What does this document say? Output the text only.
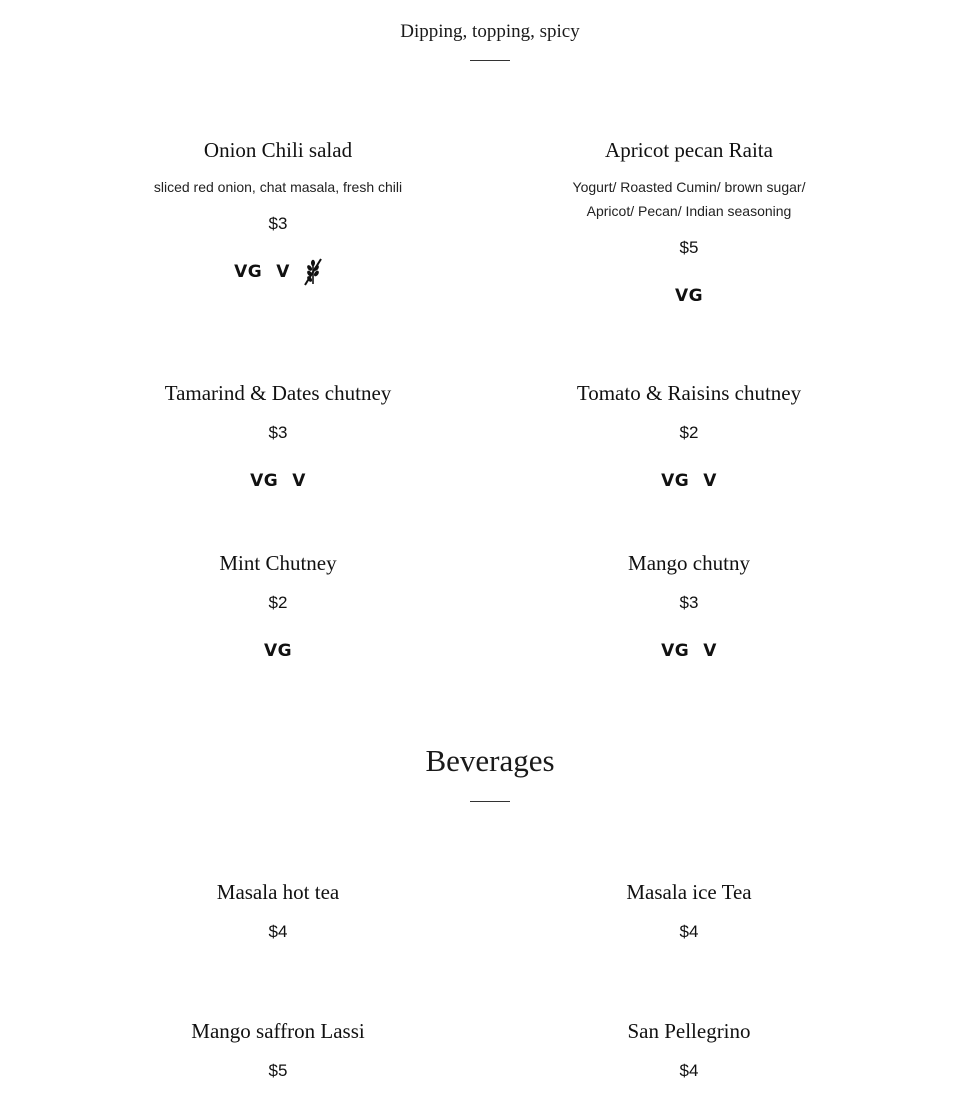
Dipping, topping, spicy
Onion Chili salad
sliced red onion, chat masala, fresh chili
$3
VG V
Apricot pecan Raita
Yogurt/ Roasted Cumin/ brown sugar/
Apricot/ Pecan/ Indian seasoning
$5
VG
Tamarind & Dates chutney
$3
VG V
Tomato & Raisins chutney
$2
VG V
Mint Chutney
$2
VG
Mango chutny
$3
VG V
Beverages
Masala hot tea
$4
Masala ice Tea
$4
Mango saffron Lassi
$5
San Pellegrino
$4
